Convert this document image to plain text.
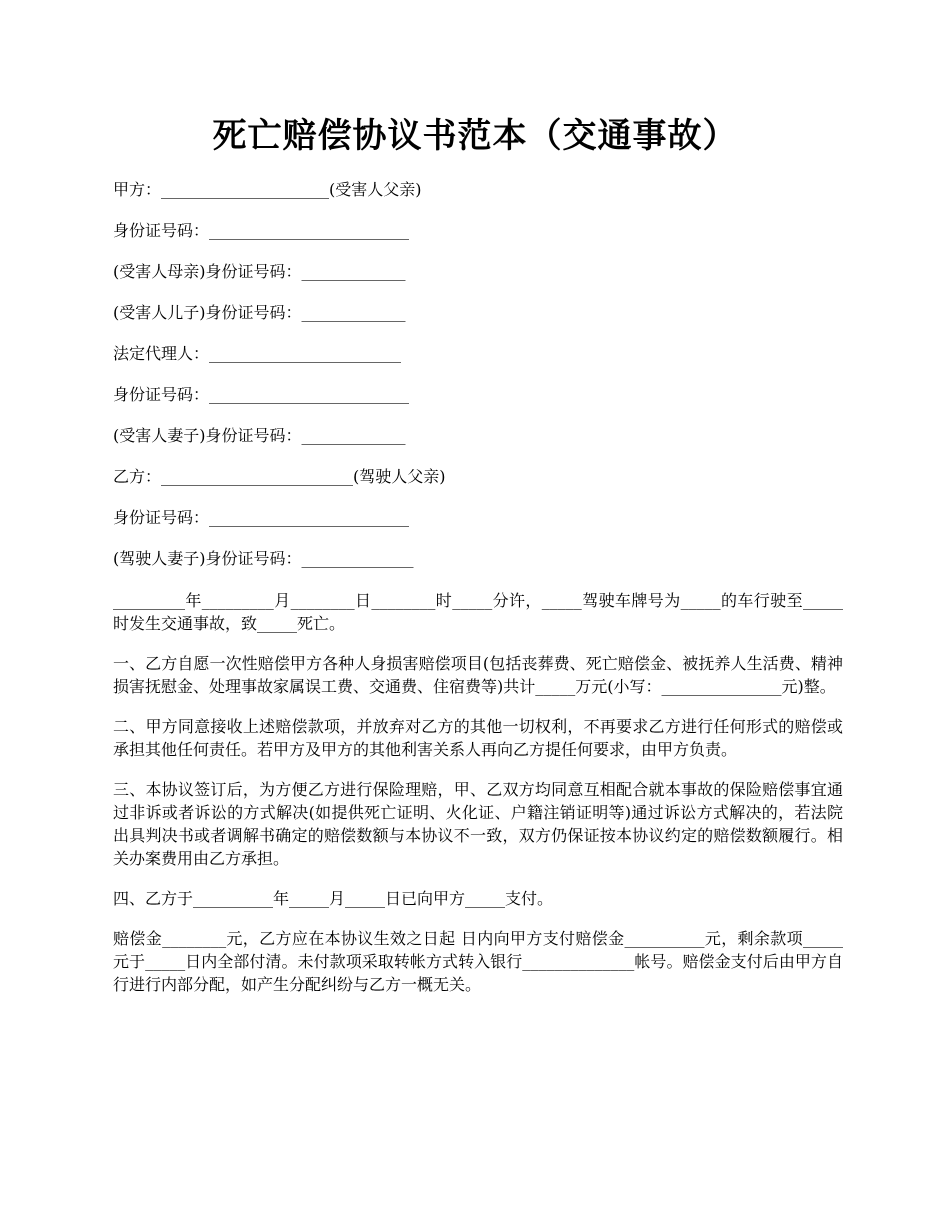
死亡赔偿协议书范本（交通事故）

甲方：_____________________(受害人父亲)

身份证号码：_________________________

(受害人母亲)身份证号码：_____________

(受害人儿子)身份证号码：_____________

法定代理人：________________________

身份证号码：_________________________

(受害人妻子)身份证号码：_____________

乙方：________________________(驾驶人父亲)

身份证号码：_________________________

(驾驶人妻子)身份证号码：______________

_________年_________月________日________时_____分许，_____驾驶车牌号为_____的车行驶至_____时发生交通事故，致_____死亡。

一、乙方自愿一次性赔偿甲方各种人身损害赔偿项目(包括丧葬费、死亡赔偿金、被抚养人生活费、精神损害抚慰金、处理事故家属误工费、交通费、住宿费等)共计_____万元(小写：_______________元)整。

二、甲方同意接收上述赔偿款项，并放弃对乙方的其他一切权利，不再要求乙方进行任何形式的赔偿或承担其他任何责任。若甲方及甲方的其他利害关系人再向乙方提任何要求，由甲方负责。

三、本协议签订后，为方便乙方进行保险理赔，甲、乙双方均同意互相配合就本事故的保险赔偿事宜通过非诉或者诉讼的方式解决(如提供死亡证明、火化证、户籍注销证明等)通过诉讼方式解决的，若法院出具判决书或者调解书确定的赔偿数额与本协议不一致，双方仍保证按本协议约定的赔偿数额履行。相关办案费用由乙方承担。

四、乙方于__________年_____月_____日已向甲方_____支付。

赔偿金________元，乙方应在本协议生效之日起 日内向甲方支付赔偿金__________元，剩余款项_____元于_____日内全部付清。未付款项采取转帐方式转入银行______________帐号。赔偿金支付后由甲方自行进行内部分配，如产生分配纠纷与乙方一概无关。
